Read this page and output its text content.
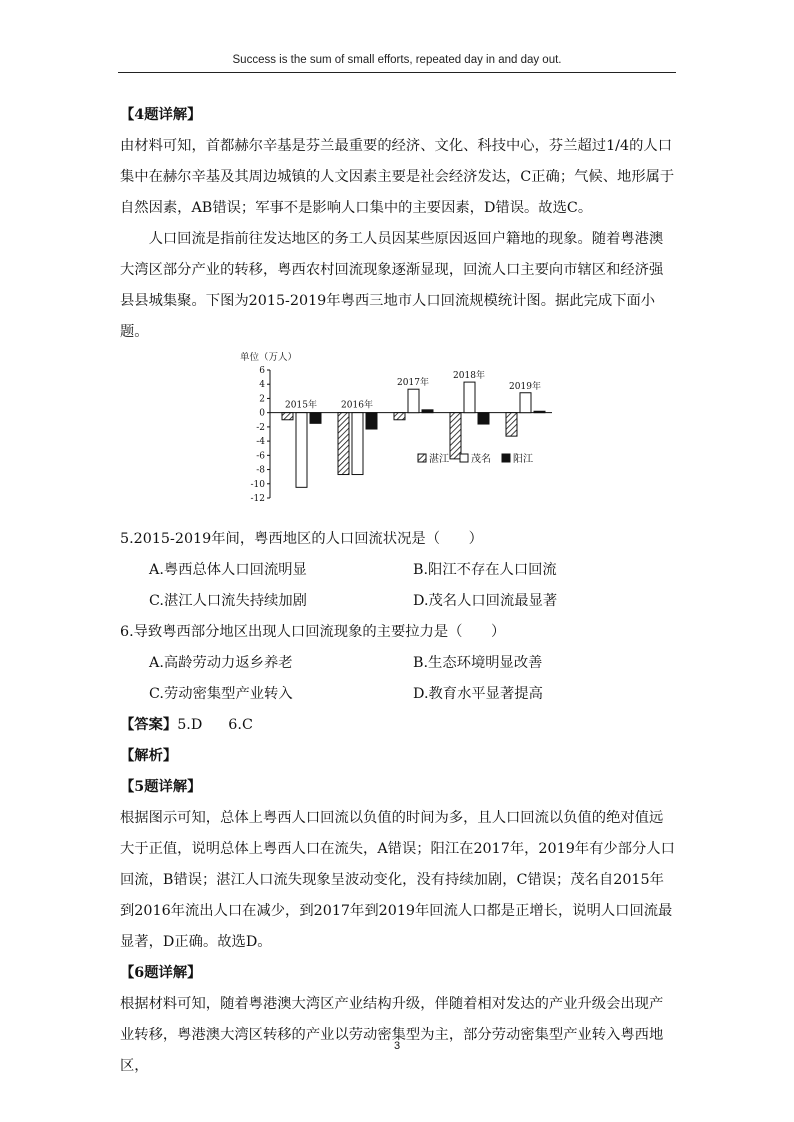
Success is the sum of small efforts, repeated day in and day out.

【4题详解】

由材料可知，首都赫尔辛基是芬兰最重要的经济、文化、科技中心，芬兰超过1/4的人口集中在赫尔辛基及其周边城镇的人文因素主要是社会经济发达，C正确；气候、地形属于自然因素，AB错误；军事不是影响人口集中的主要因素，D错误。故选C。

人口回流是指前往发达地区的务工人员因某些原因返回户籍地的现象。随着粤港澳大湾区部分产业的转移，粤西农村回流现象逐渐显现，回流人口主要向市辖区和经济强县县城集聚。下图为2015-2019年粤西三地市人口回流规模统计图。据此完成下面小题。

单位（万人）
6
4
2
0
-2
-4
-6
-8
-10
-12
2015年	2016年
2017年
2018年
2019年
湛江 茂名 阳江

5.2015-2019年间，粤西地区的人口回流状况是（　　）

A.粤西总体人口回流明显	B.阳江不存在人口回流
C.湛江人口流失持续加剧	D.茂名人口回流最显著

6.导致粤西部分地区出现人口回流现象的主要拉力是（　　）

A.高龄劳动力返乡养老	B.生态环境明显改善
C.劳动密集型产业转入	D.教育水平显著提高

【答案】5.D 6.C

【解析】

【5题详解】

根据图示可知，总体上粤西人口回流以负值的时间为多，且人口回流以负值的绝对值远大于正值，说明总体上粤西人口在流失，A错误；阳江在2017年，2019年有少部分人口回流，B错误；湛江人口流失现象呈波动变化，没有持续加剧，C错误；茂名自2015年到2016年流出人口在减少，到2017年到2019年回流人口都是正增长，说明人口回流最显著，D正确。故选D。

【6题详解】

根据材料可知，随着粤港澳大湾区产业结构升级，伴随着相对发达的产业升级会出现产业转移，粤港澳大湾区转移的产业以劳动密集型为主，部分劳动密集型产业转入粤西地区，

3
